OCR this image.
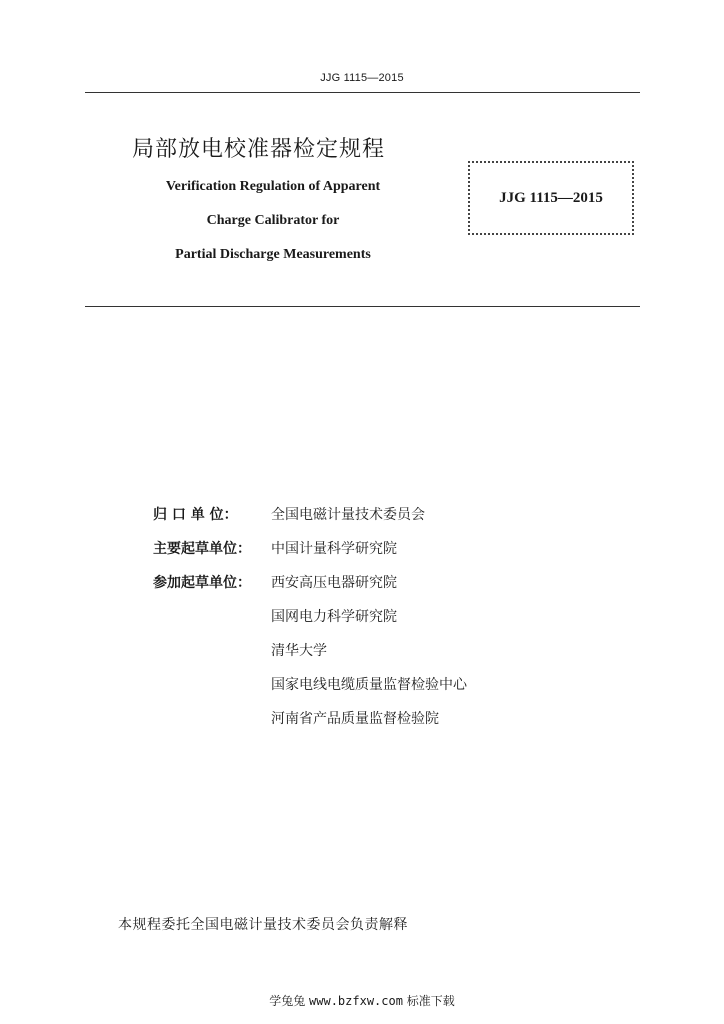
JJG 1115—2015
局部放电校准器检定规程
Verification Regulation of Apparent
Charge Calibrator for
Partial Discharge Measurements
JJG 1115—2015
归 口 单 位：	全国电磁计量技术委员会
主要起草单位：	中国计量科学研究院
参加起草单位：	西安高压电器研究院
国网电力科学研究院
清华大学
国家电线电缆质量监督检验中心
河南省产品质量监督检验院
本规程委托全国电磁计量技术委员会负责解释
学兔兔 www.bzfxw.com 标准下载
